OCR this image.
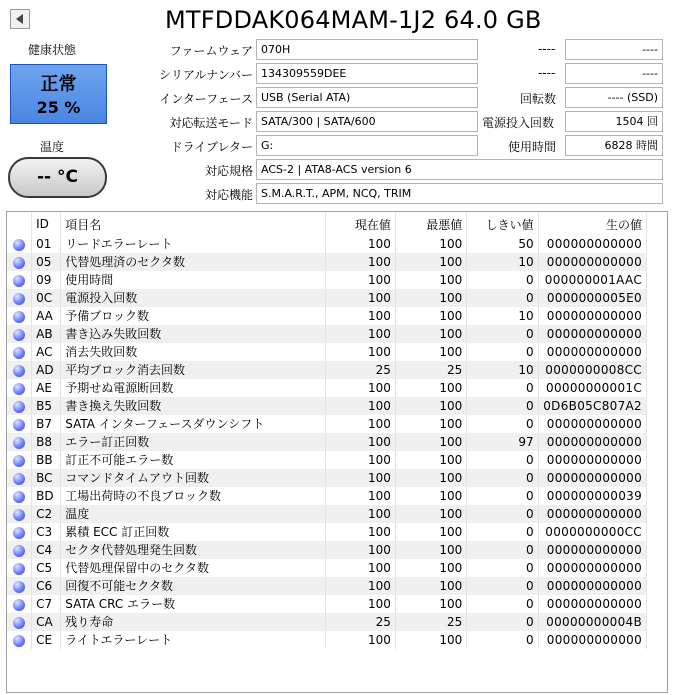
MTFDDAK064MAM-1J2 64.0 GB
健康状態
正常
25 %
温度
-- °C
ファームウェア 070H
シリアルナンバー 134309559DEE
インターフェース USB (Serial ATA)
対応転送モード SATA/300 | SATA/600
ドライブレター G:
対応規格 ACS-2 | ATA8-ACS version 6
対応機能 S.M.A.R.T., APM, NCQ, TRIM
----	----
----	----
回転数	---- (SSD)
電源投入回数	1504 回
使用時間	6828 時間
	ID	項目名	現在値	最悪値	しきい値	生の値
	01	リードエラーレート	100	100	50	000000000000
	05	代替処理済のセクタ数	100	100	10	000000000000
	09	使用時間	100	100	0	000000001AAC
	0C	電源投入回数	100	100	0	0000000005E0
	AA	予備ブロック数	100	100	10	000000000000
	AB	書き込み失敗回数	100	100	0	000000000000
	AC	消去失敗回数	100	100	0	000000000000
	AD	平均ブロック消去回数	25	25	10	0000000008CC
	AE	予期せぬ電源断回数	100	100	0	00000000001C
	B5	書き換え失敗回数	100	100	0	0D6B05C807A2
	B7	SATA インターフェースダウンシフト	100	100	0	000000000000
	B8	エラー訂正回数	100	100	97	000000000000
	BB	訂正不可能エラー数	100	100	0	000000000000
	BC	コマンドタイムアウト回数	100	100	0	000000000000
	BD	工場出荷時の不良ブロック数	100	100	0	000000000039
	C2	温度	100	100	0	000000000000
	C3	累積 ECC 訂正回数	100	100	0	0000000000CC
	C4	セクタ代替処理発生回数	100	100	0	000000000000
	C5	代替処理保留中のセクタ数	100	100	0	000000000000
	C6	回復不可能セクタ数	100	100	0	000000000000
	C7	SATA CRC エラー数	100	100	0	000000000000
	CA	残り寿命	25	25	0	00000000004B
	CE	ライトエラーレート	100	100	0	000000000000
